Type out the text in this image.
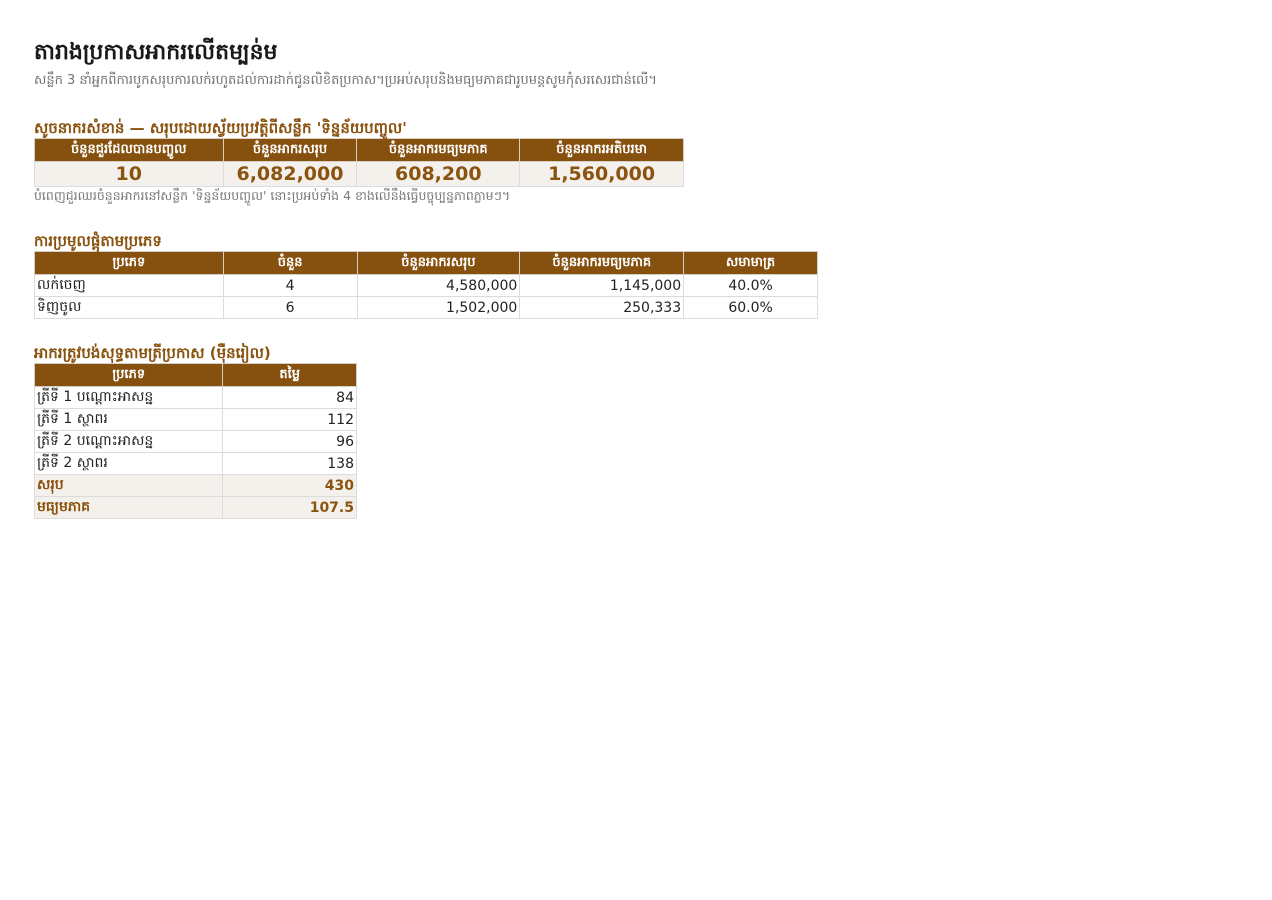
តារាងប្រកាសអាករលើតម្បន់ម
សន្លឹក 3 នាំអ្នកពីការបូកសរុបការលក់រហូតដល់ការដាក់ជូនលិខិតប្រកាស។ប្រអប់សរុបនិងមធ្យមភាគជារូបមន្តសូមកុំសរសេរជាន់លើ។
សូចនាករសំខាន់ — សរុបដោយស្វ័យប្រវត្តិពីសន្លឹក 'ទិន្នន័យបញ្ចូល'
ចំនួនជួរដែលបានបញ្ចូល	ចំនួនអាករសរុប	ចំនួនអាករមធ្យមភាគ	ចំនួនអាករអតិបរមា
10	6,082,000	608,200	1,560,000
បំពេញជួរឈរចំនួនអាករនៅសន្លឹក 'ទិន្នន័យបញ្ចូល' នោះប្រអប់ទាំង 4 ខាងលើនឹងធ្វើបច្ចុប្បន្នភាពភ្លាមៗ។
ការប្រមូលផ្តុំតាមប្រភេទ
ប្រភេទ	ចំនួន	ចំនួនអាករសរុប	ចំនួនអាករមធ្យមភាគ	សមាមាត្រ
លក់ចេញ	4	4,580,000	1,145,000	40.0%
ទិញចូល	6	1,502,000	250,333	60.0%
អាករត្រូវបង់សុទ្ធតាមត្រីប្រកាស (ម៉ឺនរៀល)
ប្រភេទ	តម្លៃ
ត្រីទី 1 បណ្តោះអាសន្ន	84
ត្រីទី 1 ស្ថាពរ	112
ត្រីទី 2 បណ្តោះអាសន្ន	96
ត្រីទី 2 ស្ថាពរ	138
សរុប	430
មធ្យមភាគ	107.5
